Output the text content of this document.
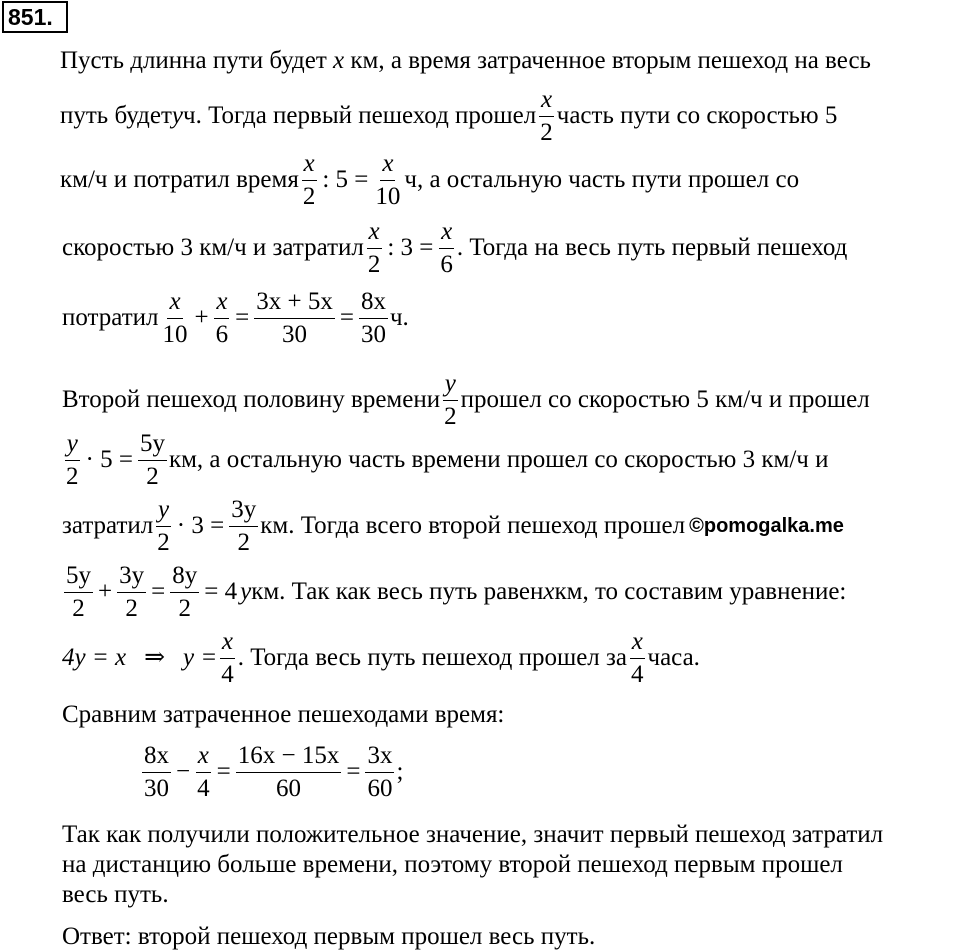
851.
Пусть длинна пути будет x км, а время затраченное вторым пешеход на весь
путь будет y ч. Тогда первый пешеход прошел $\frac{x}{2}$ часть пути со скоростью 5
км/ч и потратил время $\frac{x}{2}$ : $5 = \frac{x}{10} ч$, а остальную часть пути прошел со
скоростью 3 км/ч и затратил $\frac{x}{2}$ : $3 = \frac{x}{6}$ . Тогда на весь путь первый пешеход
потратил $\frac{x}{10} + \frac{x}{6} = \frac{3x + 5x}{30} = \frac{8x}{30} ч$.
Второй пешеход половину времени $\frac{y}{2}$ прошел со скоростью 5 км/ч и прошел
$\frac{y}{2} \cdot 5 = \frac{5y}{2}$ км, а остальную часть времени прошел со скоростью 3 км/ч и
затратил $\frac{y}{2} \cdot 3 = \frac{3y}{2}$ км. Тогда всего второй пешеход прошел ©pomogalka.me
$\frac{5y}{2} + \frac{3y}{2} = \frac{8y}{2} = 4$ y км. Так как весь путь равен x км, то составим уравнение:
4y = x ⇒ $y = \frac{x}{4}$ . Тогда весь путь пешеход прошел за $\frac{x}{4}$ часа.
Сравним затраченное пешеходами время:
$\frac{8x}{30} - \frac{x}{4} = \frac{16x - 15x}{60} = \frac{3x}{60}$ ;
Так как получили положительное значение, значит первый пешеход затратил
на дистанцию больше времени, поэтому второй пешеход первым прошел
весь путь.
Ответ: второй пешеход первым прошел весь путь.
